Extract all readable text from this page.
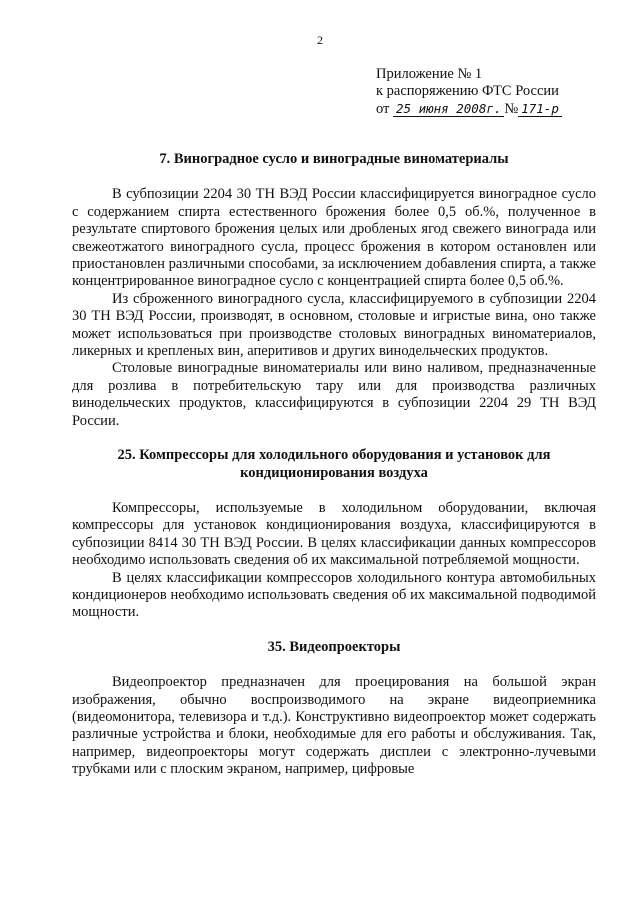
2
Приложение № 1
к распоряжению ФТС России
от 25 июня 2008г. № 171-р
7. Виноградное сусло и виноградные виноматериалы

В субпозиции 2204 30 ТН ВЭД России классифицируется виноградное сусло с содержанием спирта естественного брожения более 0,5 об.%, полученное в результате спиртового брожения целых или дробленых ягод свежего винограда или свежеотжатого виноградного сусла, процесс брожения в котором остановлен или приостановлен различными способами, за исключением добавления спирта, а также концентрированное виноградное сусло с концентрацией спирта более 0,5 об.%.

Из сброженного виноградного сусла, классифицируемого в субпозиции 2204 30 ТН ВЭД России, производят, в основном, столовые и игристые вина, оно также может использоваться при производстве столовых виноградных виноматериалов, ликерных и крепленых вин, аперитивов и других винодельческих продуктов.

Столовые виноградные виноматериалы или вино наливом, предназначенные для розлива в потребительскую тару или для производства различных винодельческих продуктов, классифицируются в субпозиции 2204 29 ТН ВЭД России.

25. Компрессоры для холодильного оборудования и установок для кондиционирования воздуха

Компрессоры, используемые в холодильном оборудовании, включая компрессоры для установок кондиционирования воздуха, классифицируются в субпозиции 8414 30 ТН ВЭД России. В целях классификации данных компрессоров необходимо использовать сведения об их максимальной потребляемой мощности.

В целях классификации компрессоров холодильного контура автомобильных кондиционеров необходимо использовать сведения об их максимальной подводимой мощности.

35. Видеопроекторы

Видеопроектор предназначен для проецирования на большой экран изображения, обычно воспроизводимого на экране видеоприемника (видеомонитора, телевизора и т.д.). Конструктивно видеопроектор может содержать различные устройства и блоки, необходимые для его работы и обслуживания. Так, например, видеопроекторы могут содержать дисплеи с электронно-лучевыми трубками или с плоским экраном, например, цифровые
